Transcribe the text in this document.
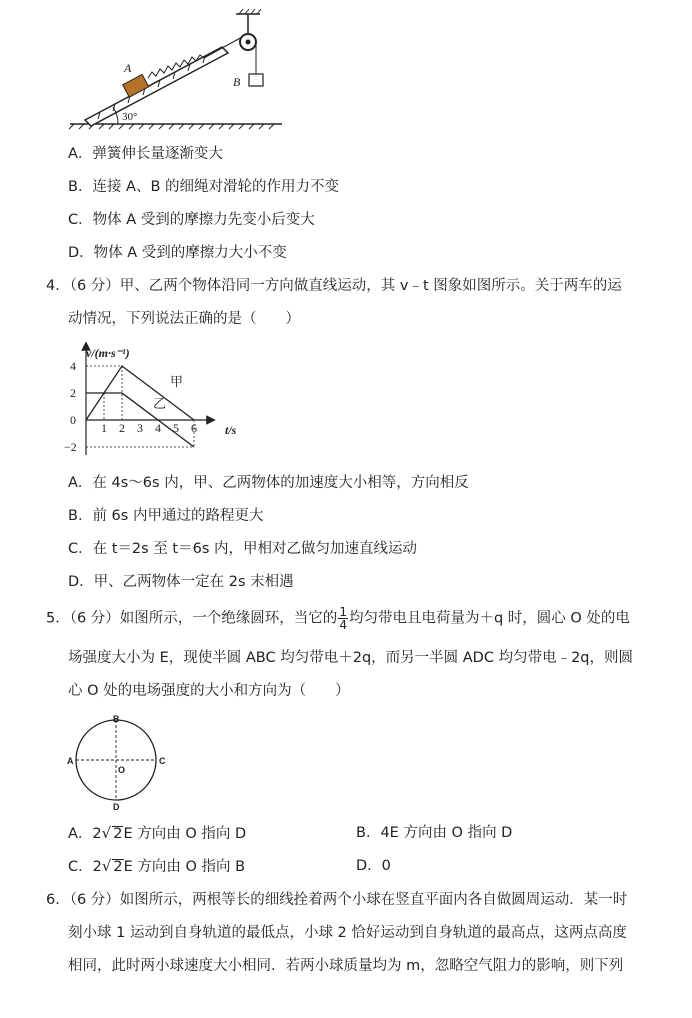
30°
A
B
A．弹簧伸长量逐渐变大
B．连接 A、B 的细绳对滑轮的作用力不变
C．物体 A 受到的摩擦力先变小后变大
D．物体 A 受到的摩擦力大小不变
4．（6 分）甲、乙两个物体沿同一方向做直线运动，其 v﹣t 图象如图所示。关于两车的运
动情况，下列说法正确的是（　　）
v/(m·s⁻¹)
t/s
1 2 3 4 5 6
4
2
0
−2
甲
乙
A．在 4s～6s 内，甲、乙两物体的加速度大小相等，方向相反
B．前 6s 内甲通过的路程更大
C．在 t＝2s 至 t＝6s 内，甲相对乙做匀加速直线运动
D．甲、乙两物体一定在 2s 末相遇
5．（6 分）如图所示，一个绝缘圆环，当它的 $\frac{1}{4}$ 均匀带电且电荷量为＋q 时，圆心 O 处的电
场强度大小为 E，现使半圆 ABC 均匀带电＋2q，而另一半圆 ADC 均匀带电﹣2q，则圆
心 O 处的电场强度的大小和方向为（　　）
A
B
C
D
O
A．2√ 2E 方向由 O 指向 D	B．4E 方向由 O 指向 D
C．2√ 2E 方向由 O 指向 B	D．0
6．（6 分）如图所示，两根等长的细线拴着两个小球在竖直平面内各自做圆周运动．某一时
刻小球 1 运动到自身轨道的最低点，小球 2 恰好运动到自身轨道的最高点，这两点高度
相同，此时两小球速度大小相同．若两小球质量均为 m，忽略空气阻力的影响，则下列
